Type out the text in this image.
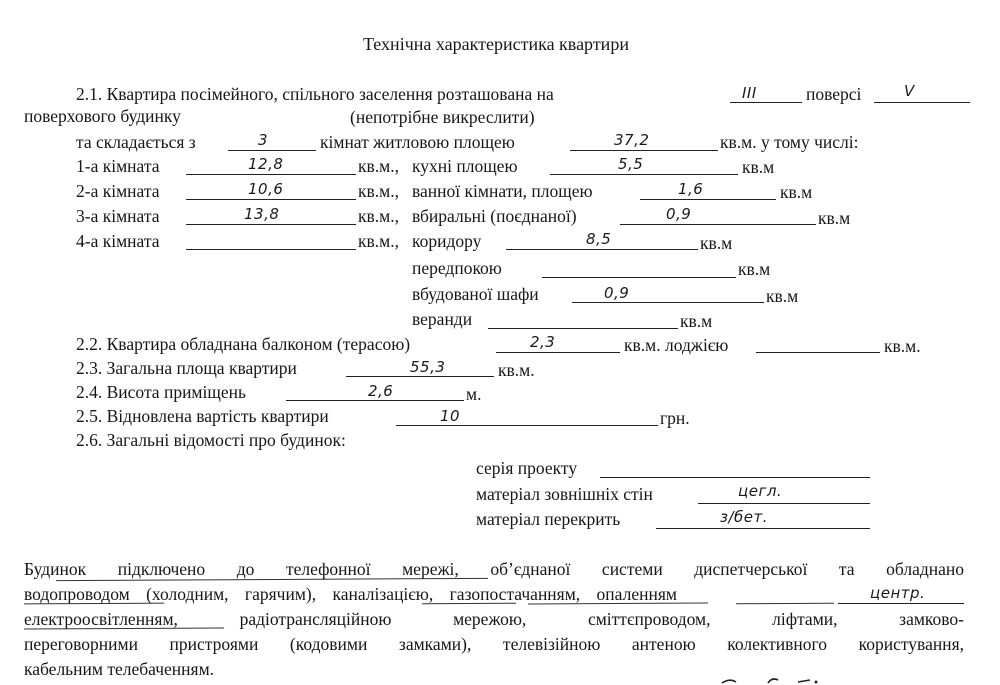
Технічна характеристика квартири
2.1. Квартира посімейного, спільного заселення розташована на	III	поверсі	V
поверхового будинку	(непотрібне викреслити)
та складається з	3	кімнат житловою площею	37,2	кв.м. у тому числі:
1-а кімната	12,8	кв.м., кухні площею	5,5	кв.м
2-а кімната	10,6	кв.м., ванної кімнати, площею	1,6	кв.м
3-а кімната	13,8	кв.м., вбиральні (поєднаної)	0,9	кв.м
4-а кімната	кв.м., коридору	8,5	кв.м
передпокою	кв.м
вбудованої шафи	0,9	кв.м
веранди	кв.м
2.2. Квартира обладнана балконом (терасою)	2,3	кв.м. лоджією	кв.м.
2.3. Загальна площа квартири	55,3	кв.м.
2.4. Висота приміщень	2,6	м.
2.5. Відновлена вартість квартири	10	грн.
2.6. Загальні відомості про будинок:
серія проекту
матеріал зовнішніх стін	цегл.
матеріал перекрить	з/бет.
Будинок підключено до телефонної мережі, об’єднаної системи диспетчерської та обладнано
водопроводом (холодним, гарячим), каналізацією, газопостачанням, опаленням	центр.
електроосвітленням, радіотрансляційною мережою, сміттєпроводом, ліфтами, замково-
переговорними пристроями (кодовими замками), телевізійною антеною колективного користування,
кабельним телебаченням.
